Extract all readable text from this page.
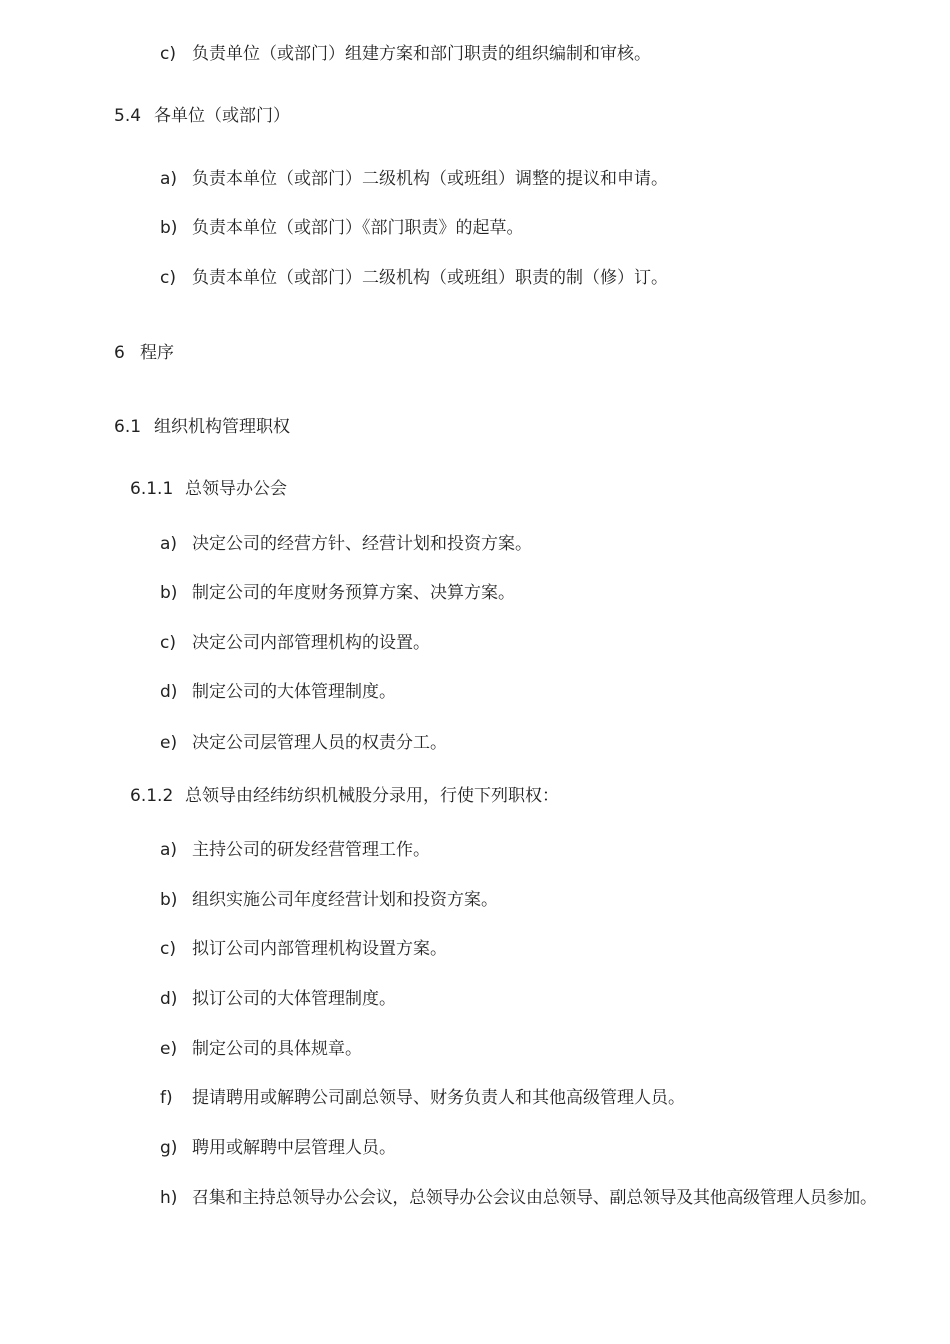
c) 负责单位（或部门）组建方案和部门职责的组织编制和审核。
5.4 各单位（或部门）
a) 负责本单位（或部门）二级机构（或班组）调整的提议和申请。
b) 负责本单位（或部门）《部门职责》的起草。
c) 负责本单位（或部门）二级机构（或班组）职责的制（修）订。
6 程序
6.1 组织机构管理职权
6.1.1 总领导办公会
a) 决定公司的经营方针、经营计划和投资方案。
b) 制定公司的年度财务预算方案、决算方案。
c) 决定公司内部管理机构的设置。
d) 制定公司的大体管理制度。
e) 决定公司层管理人员的权责分工。
6.1.2 总领导由经纬纺织机械股分录用，行使下列职权：
a) 主持公司的研发经营管理工作。
b) 组织实施公司年度经营计划和投资方案。
c) 拟订公司内部管理机构设置方案。
d) 拟订公司的大体管理制度。
e) 制定公司的具体规章。
f) 提请聘用或解聘公司副总领导、财务负责人和其他高级管理人员。
g) 聘用或解聘中层管理人员。
h) 召集和主持总领导办公会议，总领导办公会议由总领导、副总领导及其他高级管理人员参加。
